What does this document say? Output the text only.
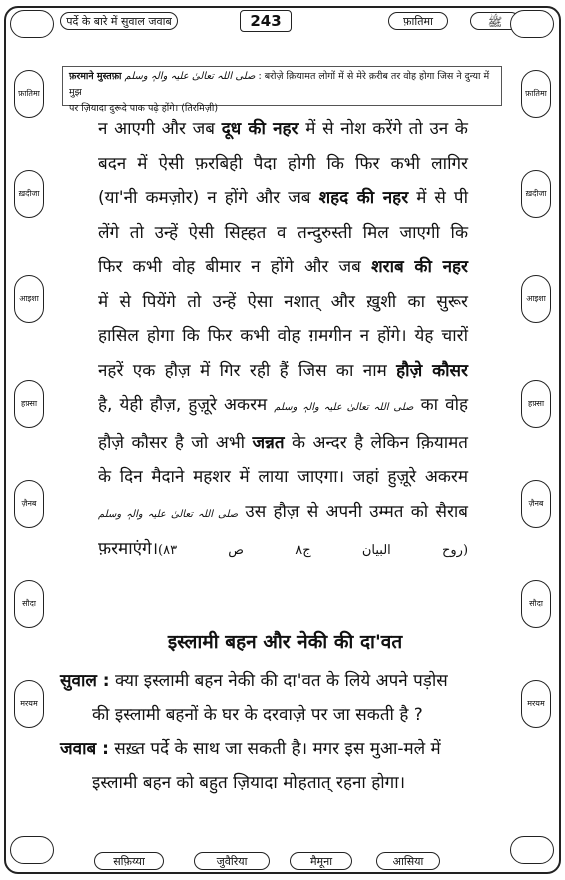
पर्दे के बारे में सुवाल जवाब	243	फ़ातिमा	ﷺ
फ़ातिमा
ख़दीजा
आइशा
हफ़्सा
ज़ैनब
सौदा
मरयम
फ़ातिमा
ख़दीजा
आइशा
हफ़्सा
ज़ैनब
सौदा
मरयम
फ़रमाने मुस्तफ़ा صلی اللہ تعالیٰ علیہ والہٖ وسلم : बरोज़े क़ियामत लोगों में से मेरे क़रीब तर वोह होगा जिस ने दुन्या में मुझ
पर ज़ियादा दुरूदे पाक पढ़े होंगे। (तिरमिज़ी)
न आएगी और जब दूध की नहर में से नोश करेंगे तो उन के
बदन में ऐसी फ़रबिही पैदा होगी कि फिर कभी लागिर
(या'नी कमज़ोर) न होंगे और जब शहद की नहर में से पी
लेंगे तो उन्हें ऐसी सिह्हत व तन्दुरुस्ती मिल जाएगी कि
फिर कभी वोह बीमार न होंगे और जब शराब की नहर
में से पियेंगे तो उन्हें ऐसा नशात् और ख़ुशी का सुरूर
हासिल होगा कि फिर कभी वोह ग़मगीन न होंगे। येह चारों
नहरें एक हौज़ में गिर रही हैं जिस का नाम हौज़े कौसर
है, येही हौज़, हुज़ूरे अकरम صلی اللہ تعالیٰ علیہ والہٖ وسلم का वोह
हौज़े कौसर है जो अभी जन्नत के अन्दर है लेकिन क़ियामत
के दिन मैदाने महशर में लाया जाएगा। जहां हुज़ूरे अकरम
صلی اللہ تعالیٰ علیہ والہٖ وسلم उस हौज़ से अपनी उम्मत को सैराब
फ़रमाएंगे।(روح البیان ج۸ ص ۸۳)
इस्लामी बहन और नेकी की दा'वत
सुवाल : क्या इस्लामी बहन नेकी की दा'वत के लिये अपने पड़ोस
की इस्लामी बहनों के घर के दरवाज़े पर जा सकती है ?
जवाब : सख़्त पर्दे के साथ जा सकती है। मगर इस मुआ-मले में
इस्लामी बहन को बहुत ज़ियादा मोहतात् रहना होगा।
सफ़िय्या	जुवैरिया	मैमूना	आसिया
